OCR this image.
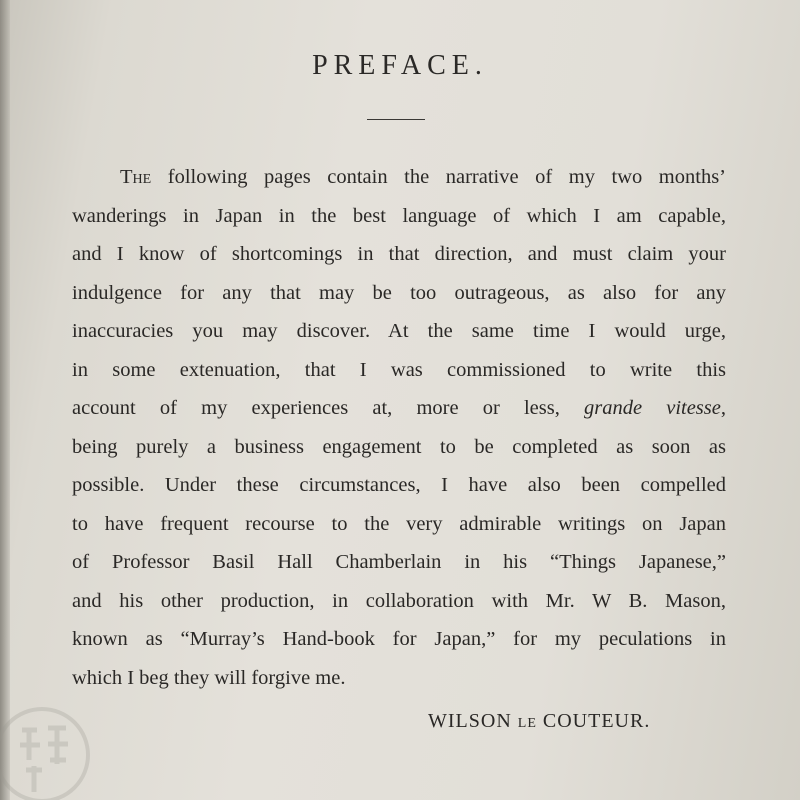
PREFACE.
The following pages contain the narrative of my two months’
wanderings in Japan in the best language of which I am capable,
and I know of shortcomings in that direction, and must claim your
indulgence for any that may be too outrageous, as also for any
inaccuracies you may discover. At the same time I would urge,
in some extenuation, that I was commissioned to write this
account of my experiences at, more or less, grande vitesse,
being purely a business engagement to be completed as soon as
possible. Under these circumstances, I have also been compelled
to have frequent recourse to the very admirable writings on Japan
of Professor Basil Hall Chamberlain in his “Things Japanese,”
and his other production, in collaboration with Mr. W B. Mason,
known as “Murray’s Hand-book for Japan,” for my peculations in
which I beg they will forgive me.
WILSON LE COUTEUR.
